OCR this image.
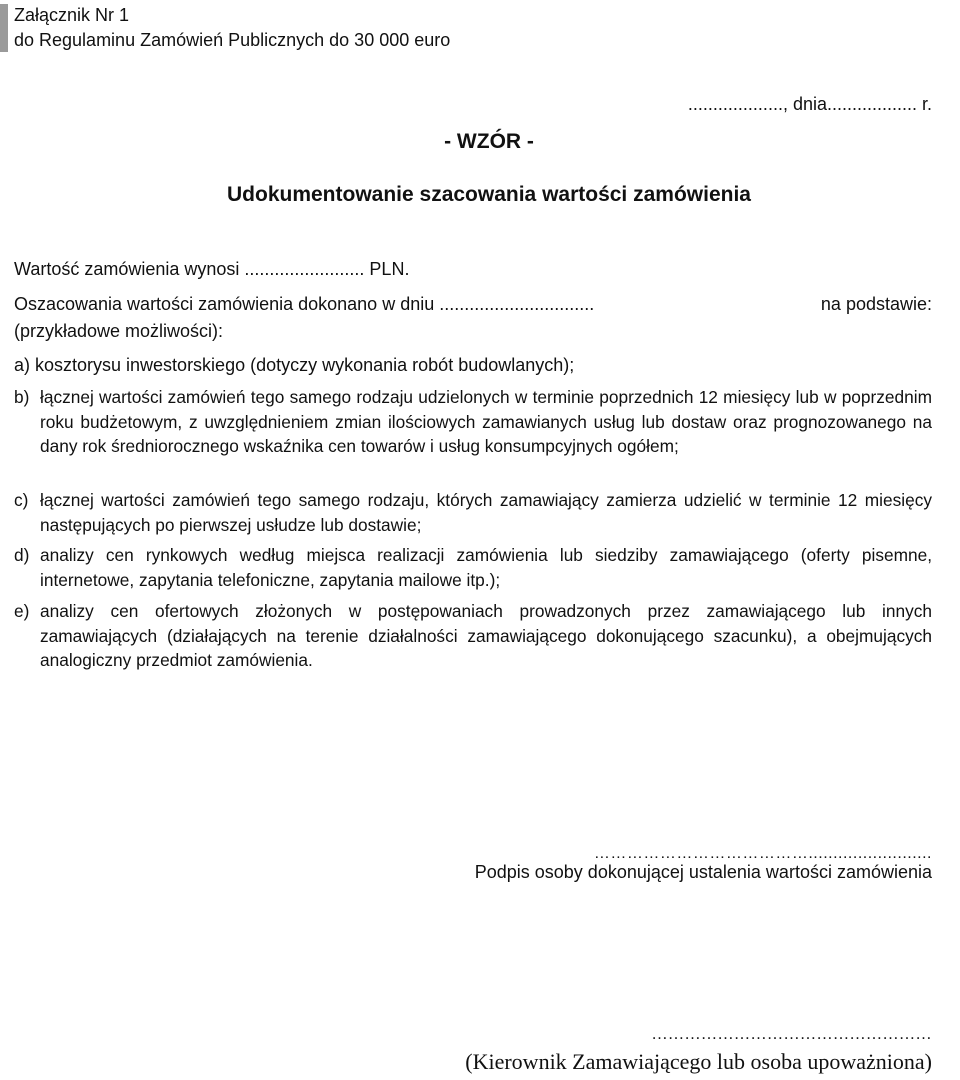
Załącznik Nr 1
do Regulaminu Zamówień Publicznych do 30 000 euro
..................., dnia.................. r.
- WZÓR -
Udokumentowanie szacowania wartości zamówienia
Wartość zamówienia wynosi ........................ PLN.
Oszacowania wartości zamówienia dokonano w dniu ...............................	na podstawie:
(przykładowe możliwości):
a) kosztorysu inwestorskiego (dotyczy wykonania robót budowlanych);
b) łącznej wartości zamówień tego samego rodzaju udzielonych w terminie poprzednich 12 miesięcy lub w poprzednim roku budżetowym, z uwzględnieniem zmian ilościowych zamawianych usług lub dostaw oraz prognozowanego na dany rok średniorocznego wskaźnika cen towarów i usług konsumpcyjnych ogółem;
c) łącznej wartości zamówień tego samego rodzaju, których zamawiający zamierza udzielić w terminie 12 miesięcy następujących po pierwszej usłudze lub dostawie;
d) analizy cen rynkowych według miejsca realizacji zamówienia lub siedziby zamawiającego (oferty pisemne, internetowe, zapytania telefoniczne, zapytania mailowe itp.);
e) analizy cen ofertowych złożonych w postępowaniach prowadzonych przez zamawiającego lub innych zamawiających (działających na terenie działalności zamawiającego dokonującego szacunku), a obejmujących analogiczny przedmiot zamówienia.
………………………………….........................
Podpis osoby dokonującej ustalenia wartości zamówienia
……………………………………………
(Kierownik Zamawiającego lub osoba upoważniona)
